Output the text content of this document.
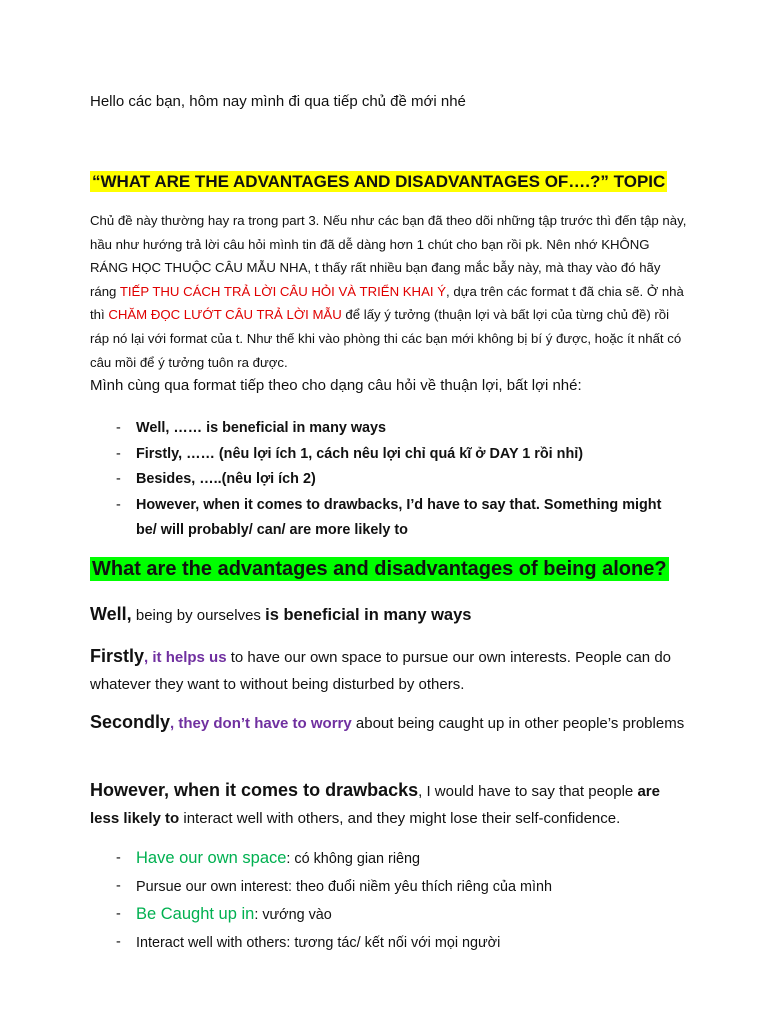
Hello các bạn, hôm nay mình đi qua tiếp chủ đề mới nhé
“WHAT ARE THE ADVANTAGES AND DISADVANTAGES OF….?” TOPIC
Chủ đề này thường hay ra trong part 3. Nếu như các bạn đã theo dõi những tập trước thì đến tập này, hầu như hướng trả lời câu hỏi mình tin đã dễ dàng hơn 1 chút cho bạn rồi pk. Nên nhớ KHÔNG RÁNG HỌC THUỘC CÂU MẪU NHA, t thấy rất nhiều bạn đang mắc bẫy này, mà thay vào đó hãy ráng TIẾP THU CÁCH TRẢ LỜI CÂU HỎI VÀ TRIỂN KHAI Ý, dựa trên các format t đã chia sẽ. Ở nhà thì CHĂM ĐỌC LƯỚT CÂU TRẢ LỜI MẪU để lấy ý tưởng (thuận lợi và bất lợi của từng chủ đề) rồi ráp nó lại với format của t. Như thế khi vào phòng thi các bạn mới không bị bí ý được, hoặc ít nhất có câu mồi để ý tưởng tuôn ra được.
Mình cùng qua format tiếp theo cho dạng câu hỏi về thuận lợi, bất lợi nhé:
- Well, …… is beneficial in many ways
- Firstly, …… (nêu lợi ích 1, cách nêu lợi chỉ quá kĩ ở DAY 1 rồi nhỉ)
- Besides, …..(nêu lợi ích 2)
- However, when it comes to drawbacks, I’d have to say that. Something might be/ will probably/ can/ are more likely to
What are the advantages and disadvantages of being alone?
Well, being by ourselves is beneficial in many ways
Firstly, it helps us to have our own space to pursue our own interests. People can do whatever they want to without being disturbed by others.
Secondly, they don’t have to worry about being caught up in other people’s problems
However, when it comes to drawbacks, I would have to say that people are less likely to interact well with others, and they might lose their self-confidence.
- Have our own space: có không gian riêng
- Pursue our own interest: theo đuổi niềm yêu thích riêng của mình
- Be Caught up in: vướng vào
- Interact well with others: tương tác/ kết nối với mọi người
